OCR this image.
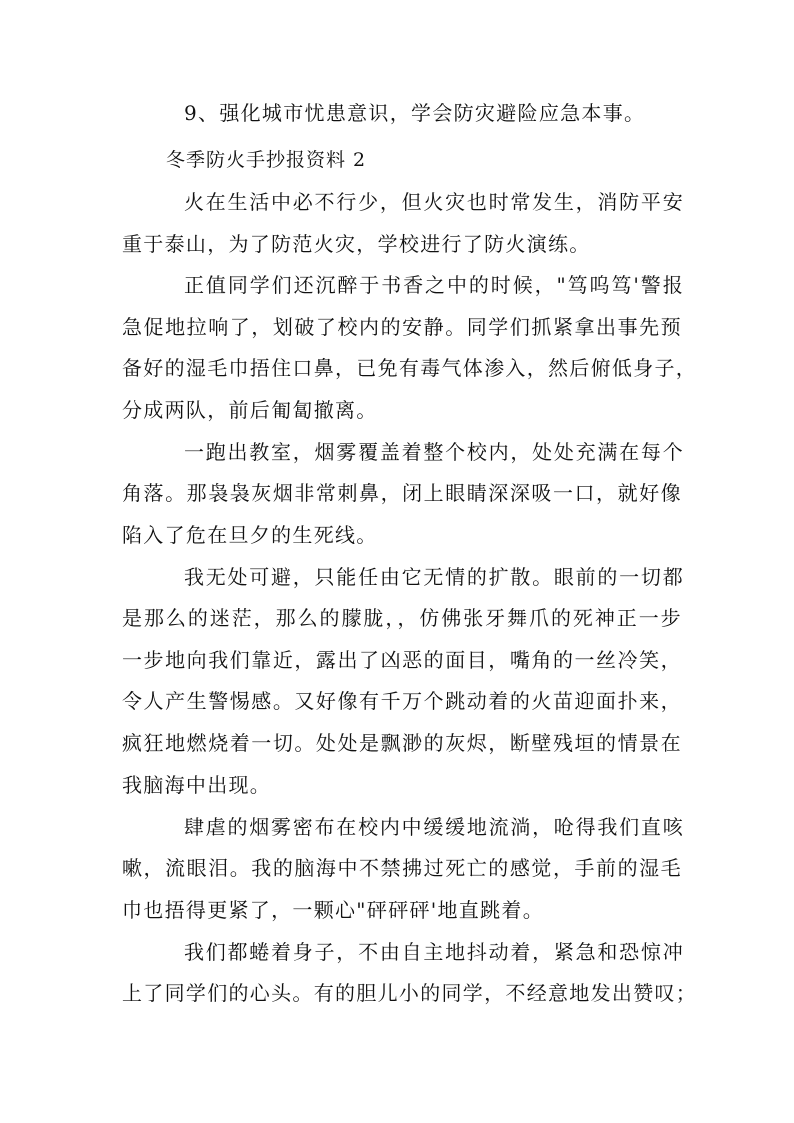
9、强化城市忧患意识，学会防灾避险应急本事。
冬季防火手抄报资料 2
火在生活中必不行少，但火灾也时常发生，消防平安
重于泰山，为了防范火灾，学校进行了防火演练。
正值同学们还沉醉于书香之中的时候，"笃呜笃'警报
急促地拉响了，划破了校内的安静。同学们抓紧拿出事先预
备好的湿毛巾捂住口鼻，已免有毒气体渗入，然后俯低身子，
分成两队，前后匍匐撤离。
一跑出教室，烟雾覆盖着整个校内，处处充满在每个
角落。那袅袅灰烟非常刺鼻，闭上眼睛深深吸一口，就好像
陷入了危在旦夕的生死线。
我无处可避，只能任由它无情的扩散。眼前的一切都
是那么的迷茫，那么的朦胧，，仿佛张牙舞爪的死神正一步
一步地向我们靠近，露出了凶恶的面目，嘴角的一丝冷笑，
令人产生警惕感。又好像有千万个跳动着的火苗迎面扑来，
疯狂地燃烧着一切。处处是飘渺的灰烬，断壁残垣的情景在
我脑海中出现。
肆虐的烟雾密布在校内中缓缓地流淌，呛得我们直咳
嗽，流眼泪。我的脑海中不禁拂过死亡的感觉，手前的湿毛
巾也捂得更紧了，一颗心"砰砰砰'地直跳着。
我们都蜷着身子，不由自主地抖动着，紧急和恐惊冲
上了同学们的心头。有的胆儿小的同学，不经意地发出赞叹；
